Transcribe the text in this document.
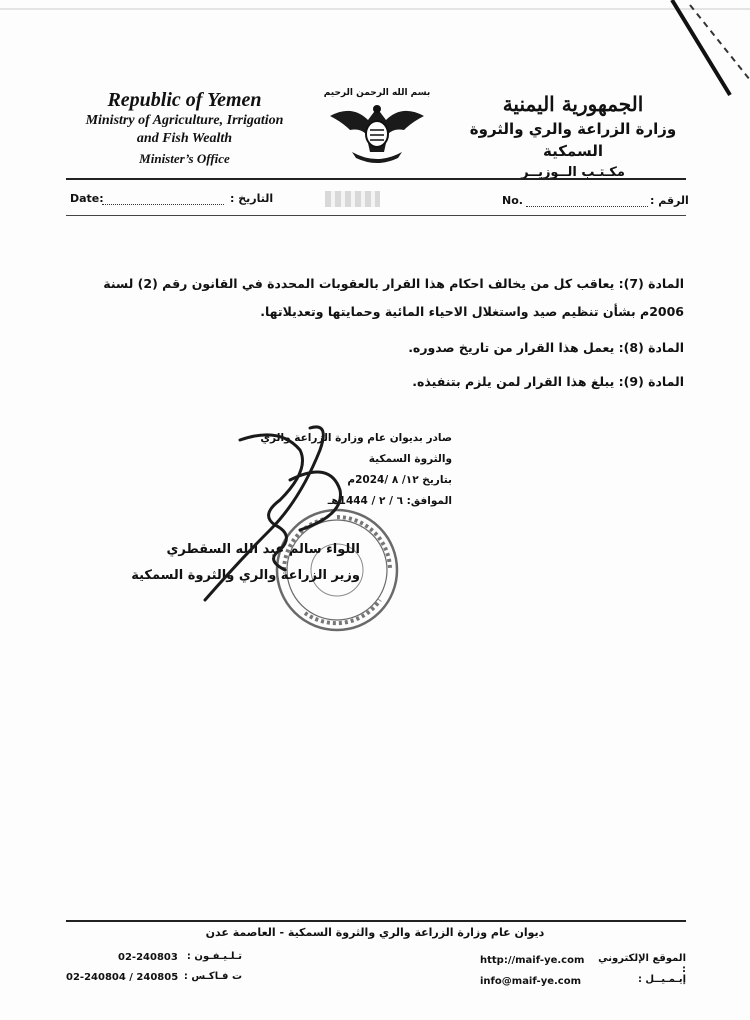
Republic of Yemen
Ministry of Agriculture, Irrigation
and Fish Wealth
Minister’s Office
بسم الله الرحمن الرحيم	الجمهورية اليمنية
وزارة الزراعة والري والثروة السمكية
مكـتـب الــوزيــر
Date:	التاريخ :	No.	الرقم :
المادة (7): يعاقب كل من يخالف احكام هذا القرار بالعقوبات المحددة في القانون رقم (2) لسنة
2006م بشأن تنظيم صيد واستغلال الاحياء المائية وحمايتها وتعديلاتها.
المادة (8): يعمل هذا القرار من تاريخ صدوره.
المادة (9): يبلغ هذا القرار لمن يلزم بتنفيذه.
صادر بديوان عام وزارة الزراعة والري والثروة السمكية
بتاريخ ١٢/ ٨ /2024م
الموافق: ٦ / ٢ / 1444هـ
اللواء سالم عبد الله السقطري
وزير الزراعة والري والثروة السمكية
ديوان عام وزارة الزراعة والري والثروة السمكية - العاصمة عدن
الموقع الإلكتروني :
http://maif-ye.com
إيـمـيــل :
info@maif-ye.com
تـلـيـفـون :
02-240803
ت فـاكـس :
02-240804 / 240805
